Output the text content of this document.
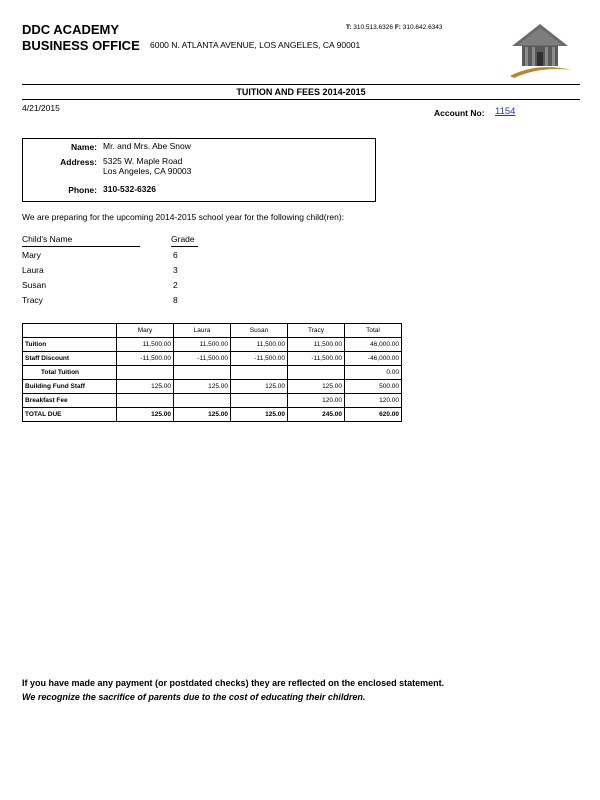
DDC ACADEMY
BUSINESS OFFICE 6000 N. ATLANTA AVENUE, LOS ANGELES, CA 90001
T: 310.513.6326 F: 310.642.6343
TUITION AND FEES 2014-2015
4/21/2015	Account No: 1154
Name: Mr. and Mrs. Abe Snow
Address: 5325 W. Maple Road
Los Angeles, CA 90003
Phone: 310-532-6326
We are preparing for the upcoming 2014-2015 school year for the following child(ren):
Child's Name	Grade
Mary	6
Laura	3
Susan	2
Tracy	8
	Mary	Laura	Susan	Tracy	Total
Tuition	11,500.00	11,500.00	11,500.00	11,500.00	46,000.00
Staff Discount	-11,500.00	-11,500.00	-11,500.00	-11,500.00	-46,000.00
Total Tuition					0.00
Building Fund Staff	125.00	125.00	125.00	125.00	500.00
Breakfast Fee				120.00	120.00
TOTAL DUE	125.00	125.00	125.00	245.00	620.00
If you have made any payment (or postdated checks) they are reflected on the enclosed statement.
We recognize the sacrifice of parents due to the cost of educating their children.
